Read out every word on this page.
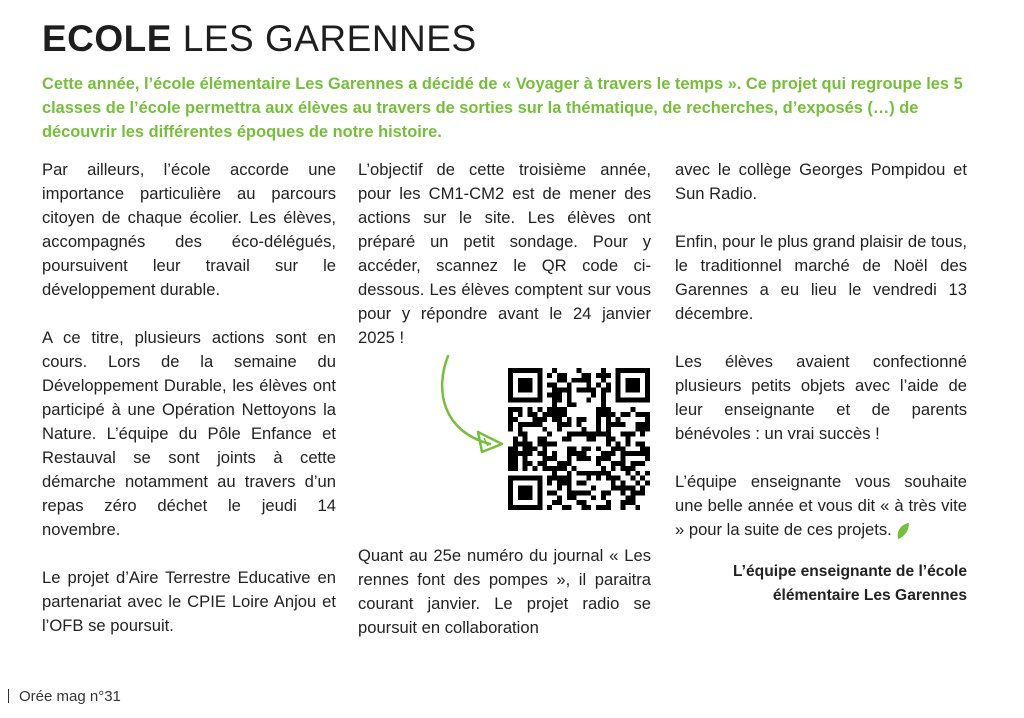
ECOLE LES GARENNES

Cette année, l’école élémentaire Les Garennes a décidé de « Voyager à travers le temps ». Ce projet qui regroupe les 5 classes de l’école permettra aux élèves au travers de sorties sur la thématique, de recherches, d’exposés (…) de découvrir les différentes époques de notre histoire.

Par ailleurs, l’école accorde une importance particulière au parcours citoyen de chaque écolier. Les élèves, accompagnés des éco-délégués, poursuivent leur travail sur le développement durable.

A ce titre, plusieurs actions sont en cours. Lors de la semaine du Développement Durable, les élèves ont participé à une Opération Nettoyons la Nature. L’équipe du Pôle Enfance et Restauval se sont joints à cette démarche notamment au travers d’un repas zéro déchet le jeudi 14 novembre.

Le projet d’Aire Terrestre Educative en partenariat avec le CPIE Loire Anjou et l’OFB se poursuit.

L’objectif de cette troisième année, pour les CM1-CM2 est de mener des actions sur le site. Les élèves ont préparé un petit sondage. Pour y accéder, scannez le QR code ci-dessous. Les élèves comptent sur vous pour y répondre avant le 24 janvier 2025 !

Quant au 25e numéro du journal « Les rennes font des pompes », il paraitra courant janvier. Le projet radio se poursuit en collaboration

avec le collège Georges Pompidou et Sun Radio.

Enfin, pour le plus grand plaisir de tous, le traditionnel marché de Noël des Garennes a eu lieu le vendredi 13 décembre.

Les élèves avaient confectionné plusieurs petits objets avec l’aide de leur enseignante et de parents bénévoles : un vrai succès !

L’équipe enseignante vous souhaite une belle année et vous dit « à très vite » pour la suite de ces projets.

L’équipe enseignante de l’école
élémentaire Les Garennes

Orée mag n°31
